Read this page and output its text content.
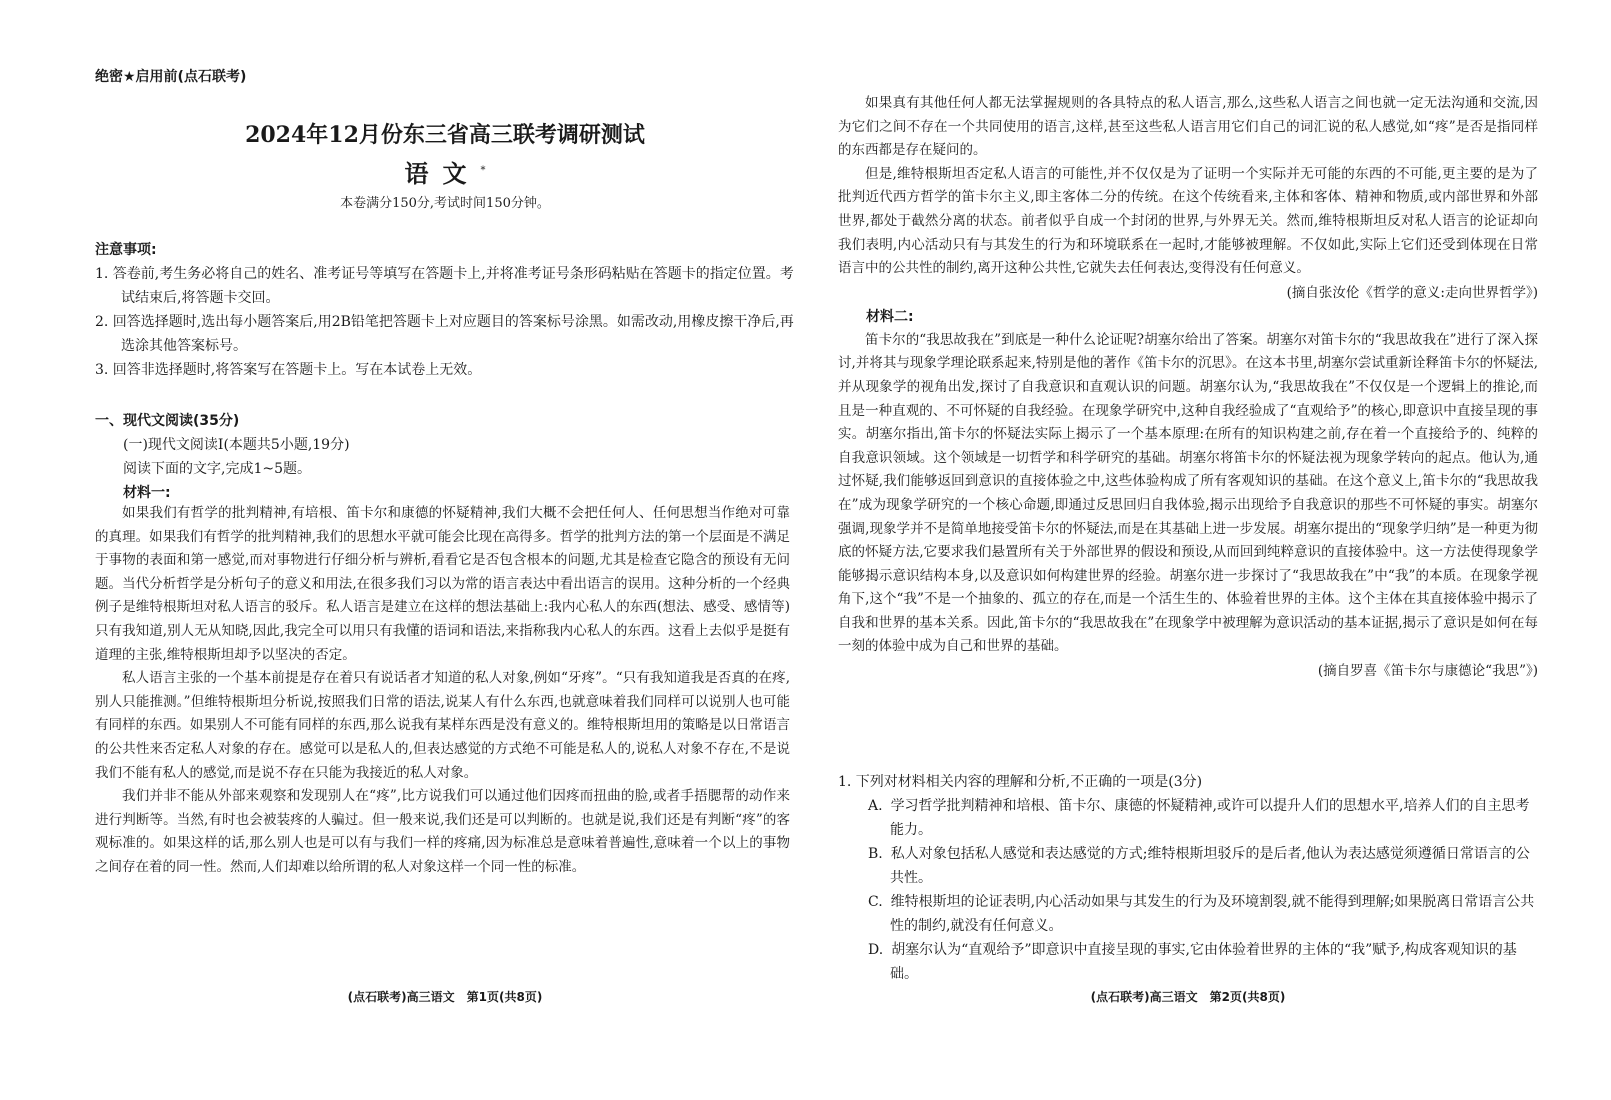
绝密★启用前(点石联考)
2024年12月份东三省高三联考调研测试
语文*
本卷满分150分,考试时间150分钟。
注意事项:
1. 答卷前,考生务必将自己的姓名、准考证号等填写在答题卡上,并将准考证号条形码粘贴在答题卡的指定位置。考试结束后,将答题卡交回。
2. 回答选择题时,选出每小题答案后,用2B铅笔把答题卡上对应题目的答案标号涂黑。如需改动,用橡皮擦干净后,再选涂其他答案标号。
3. 回答非选择题时,将答案写在答题卡上。写在本试卷上无效。
一、现代文阅读(35分)
(一)现代文阅读Ⅰ(本题共5小题,19分)
阅读下面的文字,完成1~5题。
材料一:

如果我们有哲学的批判精神,有培根、笛卡尔和康德的怀疑精神,我们大概不会把任何人、任何思想当作绝对可靠的真理。如果我们有哲学的批判精神,我们的思想水平就可能会比现在高得多。哲学的批判方法的第一个层面是不满足于事物的表面和第一感觉,而对事物进行仔细分析与辨析,看看它是否包含根本的问题,尤其是检查它隐含的预设有无问题。当代分析哲学是分析句子的意义和用法,在很多我们习以为常的语言表达中看出语言的误用。这种分析的一个经典例子是维特根斯坦对私人语言的驳斥。私人语言是建立在这样的想法基础上:我内心私人的东西(想法、感受、感情等)只有我知道,别人无从知晓,因此,我完全可以用只有我懂的语词和语法,来指称我内心私人的东西。这看上去似乎是挺有道理的主张,维特根斯坦却予以坚决的否定。

私人语言主张的一个基本前提是存在着只有说话者才知道的私人对象,例如“牙疼”。“只有我知道我是否真的在疼,别人只能推测。”但维特根斯坦分析说,按照我们日常的语法,说某人有什么东西,也就意味着我们同样可以说别人也可能有同样的东西。如果别人不可能有同样的东西,那么说我有某样东西是没有意义的。维特根斯坦用的策略是以日常语言的公共性来否定私人对象的存在。感觉可以是私人的,但表达感觉的方式绝不可能是私人的,说私人对象不存在,不是说我们不能有私人的感觉,而是说不存在只能为我接近的私人对象。

我们并非不能从外部来观察和发现别人在“疼”,比方说我们可以通过他们因疼而扭曲的脸,或者手捂腮帮的动作来进行判断等。当然,有时也会被装疼的人骗过。但一般来说,我们还是可以判断的。也就是说,我们还是有判断“疼”的客观标准的。如果这样的话,那么别人也是可以有与我们一样的疼痛,因为标准总是意味着普遍性,意味着一个以上的事物之间存在着的同一性。然而,人们却难以给所谓的私人对象这样一个同一性的标准。

(点石联考)高三语文　第1页(共8页)

如果真有其他任何人都无法掌握规则的各具特点的私人语言,那么,这些私人语言之间也就一定无法沟通和交流,因为它们之间不存在一个共同使用的语言,这样,甚至这些私人语言用它们自己的词汇说的私人感觉,如“疼”是否是指同样的东西都是存在疑问的。

但是,维特根斯坦否定私人语言的可能性,并不仅仅是为了证明一个实际并无可能的东西的不可能,更主要的是为了批判近代西方哲学的笛卡尔主义,即主客体二分的传统。在这个传统看来,主体和客体、精神和物质,或内部世界和外部世界,都处于截然分离的状态。前者似乎自成一个封闭的世界,与外界无关。然而,维特根斯坦反对私人语言的论证却向我们表明,内心活动只有与其发生的行为和环境联系在一起时,才能够被理解。不仅如此,实际上它们还受到体现在日常语言中的公共性的制约,离开这种公共性,它就失去任何表达,变得没有任何意义。

(摘自张汝伦《哲学的意义:走向世界哲学》)
材料二:

笛卡尔的“我思故我在”到底是一种什么论证呢?胡塞尔给出了答案。胡塞尔对笛卡尔的“我思故我在”进行了深入探讨,并将其与现象学理论联系起来,特别是他的著作《笛卡尔的沉思》。在这本书里,胡塞尔尝试重新诠释笛卡尔的怀疑法,并从现象学的视角出发,探讨了自我意识和直观认识的问题。胡塞尔认为,“我思故我在”不仅仅是一个逻辑上的推论,而且是一种直观的、不可怀疑的自我经验。在现象学研究中,这种自我经验成了“直观给予”的核心,即意识中直接呈现的事实。胡塞尔指出,笛卡尔的怀疑法实际上揭示了一个基本原理:在所有的知识构建之前,存在着一个直接给予的、纯粹的自我意识领域。这个领域是一切哲学和科学研究的基础。胡塞尔将笛卡尔的怀疑法视为现象学转向的起点。他认为,通过怀疑,我们能够返回到意识的直接体验之中,这些体验构成了所有客观知识的基础。在这个意义上,笛卡尔的“我思故我在”成为现象学研究的一个核心命题,即通过反思回归自我体验,揭示出现给予自我意识的那些不可怀疑的事实。胡塞尔强调,现象学并不是简单地接受笛卡尔的怀疑法,而是在其基础上进一步发展。胡塞尔提出的“现象学归纳”是一种更为彻底的怀疑方法,它要求我们悬置所有关于外部世界的假设和预设,从而回到纯粹意识的直接体验中。这一方法使得现象学能够揭示意识结构本身,以及意识如何构建世界的经验。胡塞尔进一步探讨了“我思故我在”中“我”的本质。在现象学视角下,这个“我”不是一个抽象的、孤立的存在,而是一个活生生的、体验着世界的主体。这个主体在其直接体验中揭示了自我和世界的基本关系。因此,笛卡尔的“我思故我在”在现象学中被理解为意识活动的基本证据,揭示了意识是如何在每一刻的体验中成为自己和世界的基础。

(摘自罗喜《笛卡尔与康德论“我思”》)
1. 下列对材料相关内容的理解和分析,不正确的一项是(3分)
A. 学习哲学批判精神和培根、笛卡尔、康德的怀疑精神,或许可以提升人们的思想水平,培养人们的自主思考能力。
B. 私人对象包括私人感觉和表达感觉的方式;维特根斯坦驳斥的是后者,他认为表达感觉须遵循日常语言的公共性。
C. 维特根斯坦的论证表明,内心活动如果与其发生的行为及环境割裂,就不能得到理解;如果脱离日常语言公共性的制约,就没有任何意义。
D. 胡塞尔认为“直观给予”即意识中直接呈现的事实,它由体验着世界的主体的“我”赋予,构成客观知识的基础。
(点石联考)高三语文　第2页(共8页)
